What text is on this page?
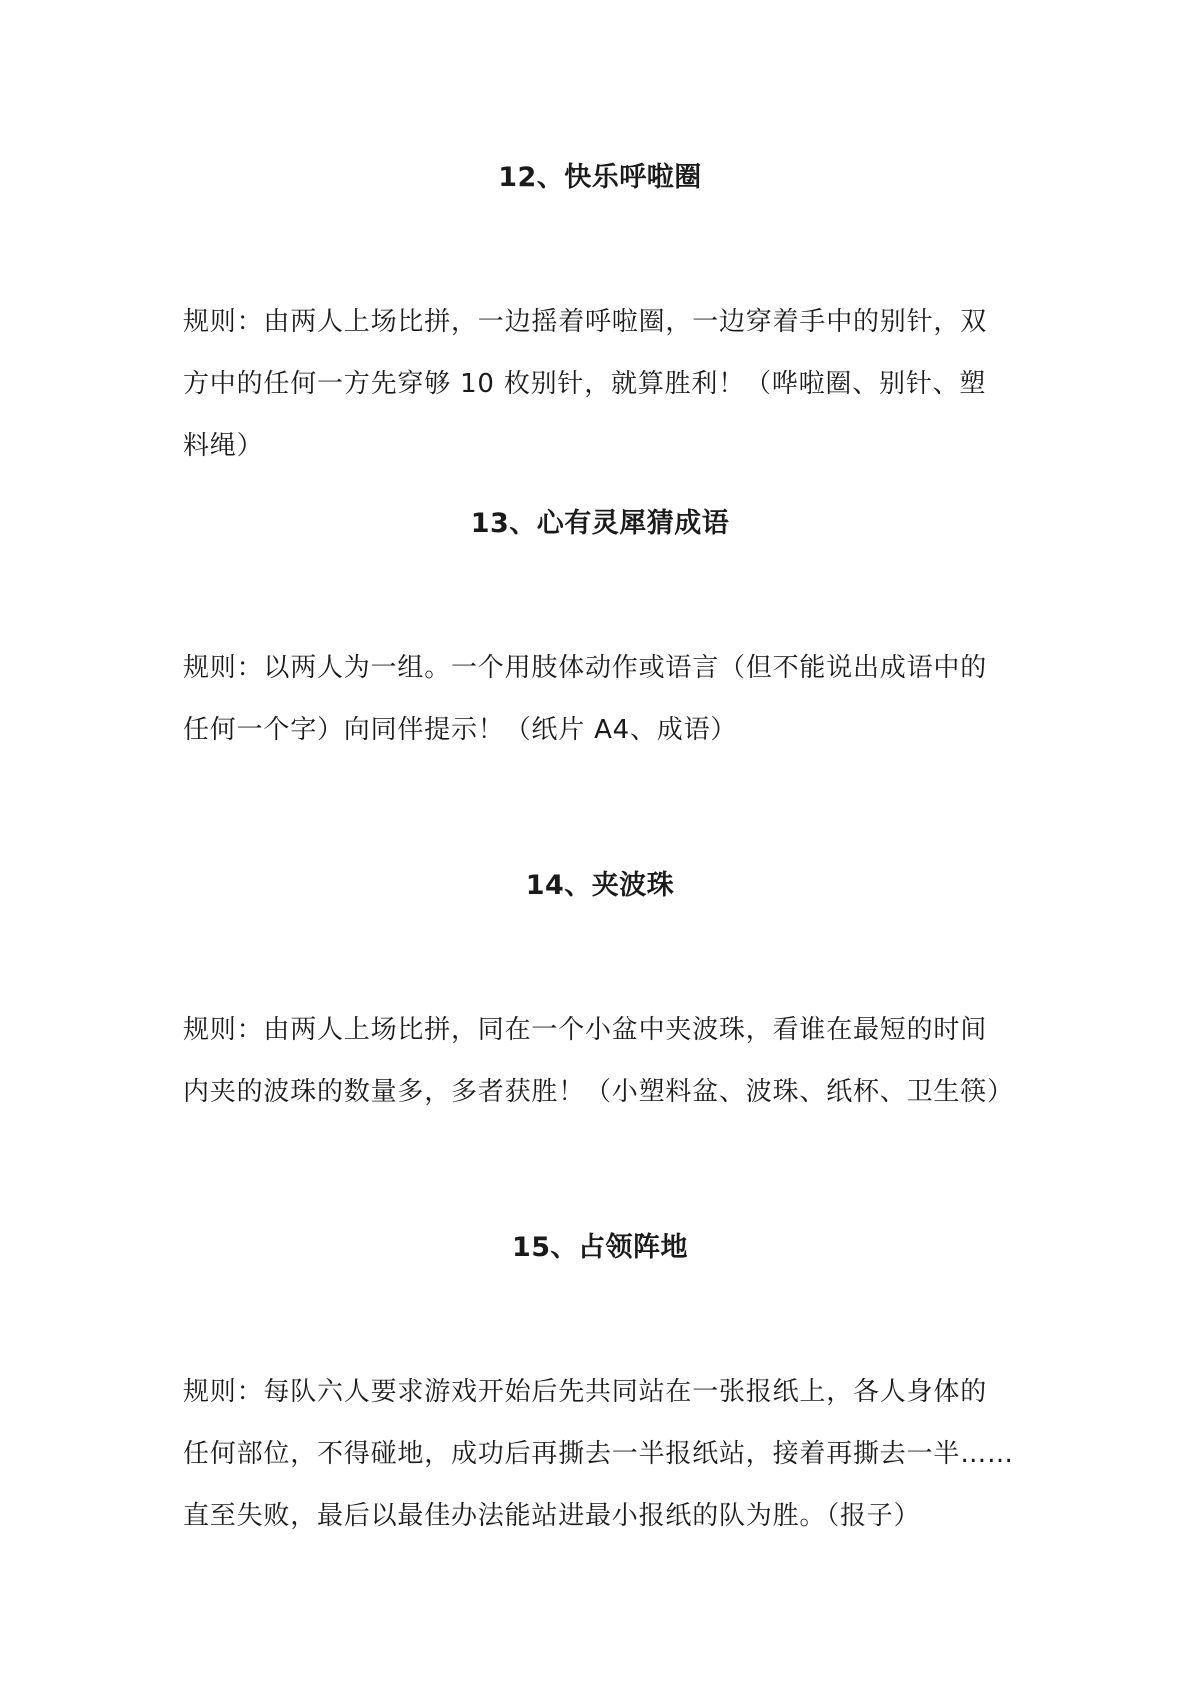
12、快乐呼啦圈
规则：由两人上场比拼，一边摇着呼啦圈，一边穿着手中的别针，双
方中的任何一方先穿够 10 枚别针，就算胜利！（哗啦圈、别针、塑
料绳）
13、心有灵犀猜成语
规则：以两人为一组。一个用肢体动作或语言（但不能说出成语中的
任何一个字）向同伴提示！（纸片 A4、成语）
14、夹波珠
规则：由两人上场比拼，同在一个小盆中夹波珠，看谁在最短的时间
内夹的波珠的数量多，多者获胜！（小塑料盆、波珠、纸杯、卫生筷）
15、占领阵地
规则：每队六人要求游戏开始后先共同站在一张报纸上，各人身体的
任何部位，不得碰地，成功后再撕去一半报纸站，接着再撕去一半……
直至失败，最后以最佳办法能站进最小报纸的队为胜。（报子）
